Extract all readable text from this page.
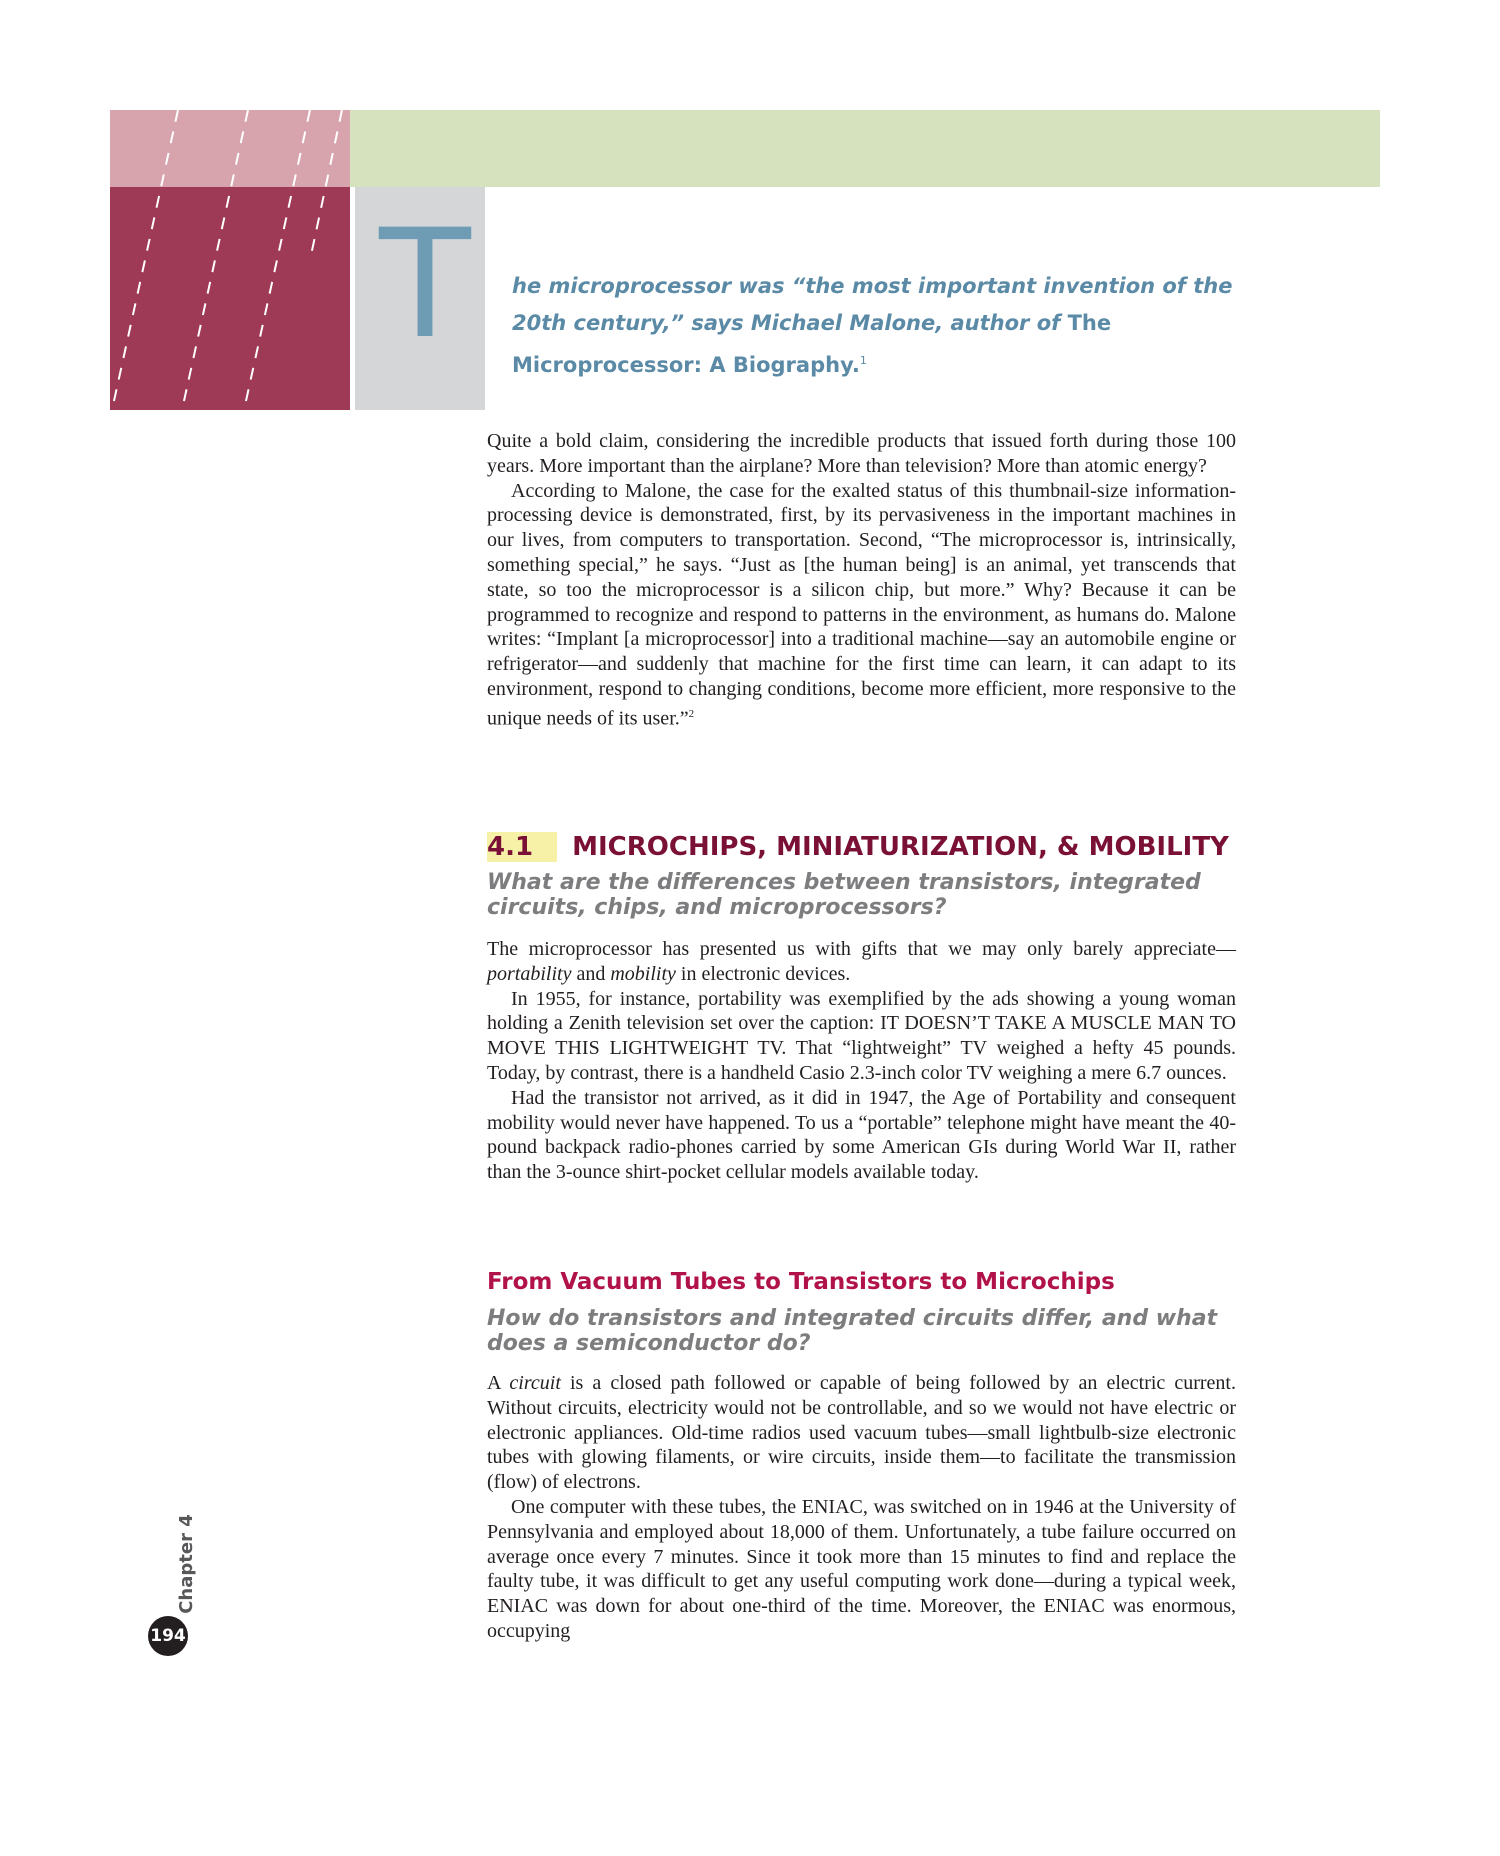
T he microprocessor was “the most important invention of the 20th century,” says Michael Malone, author of The Microprocessor: A Biography.$^1$

Quite a bold claim, considering the incredible products that issued forth during those 100 years. More important than the airplane? More than television? More than atomic energy?

According to Malone, the case for the exalted status of this thumbnail-size information-processing device is demonstrated, first, by its pervasiveness in the important machines in our lives, from computers to transportation. Second, “The microprocessor is, intrinsically, something special,” he says. “Just as [the human being] is an animal, yet transcends that state, so too the microprocessor is a silicon chip, but more.” Why? Because it can be programmed to recognize and respond to patterns in the environment, as humans do. Malone writes: “Implant [a microprocessor] into a traditional machine—say an automobile engine or refrigerator—and suddenly that machine for the first time can learn, it can adapt to its environment, respond to changing conditions, become more efficient, more responsive to the unique needs of its user.”$^2$

4.1 MICROCHIPS, MINIATURIZATION, & MOBILITY
What are the differences between transistors, integrated circuits, chips, and microprocessors?

The microprocessor has presented us with gifts that we may only barely appreciate—portability and mobility in electronic devices.

In 1955, for instance, portability was exemplified by the ads showing a young woman holding a Zenith television set over the caption: IT DOESN’T TAKE A MUSCLE MAN TO MOVE THIS LIGHTWEIGHT TV. That “lightweight” TV weighed a hefty 45 pounds. Today, by contrast, there is a handheld Casio 2.3-inch color TV weighing a mere 6.7 ounces.

Had the transistor not arrived, as it did in 1947, the Age of Portability and consequent mobility would never have happened. To us a “portable” telephone might have meant the 40-pound backpack radio-phones carried by some American GIs during World War II, rather than the 3-ounce shirt-pocket cellular models available today.

From Vacuum Tubes to Transistors to Microchips
How do transistors and integrated circuits differ, and what does a semiconductor do?

A circuit is a closed path followed or capable of being followed by an electric current. Without circuits, electricity would not be controllable, and so we would not have electric or electronic appliances. Old-time radios used vacuum tubes—small lightbulb-size electronic tubes with glowing filaments, or wire circuits, inside them—to facilitate the transmission (flow) of electrons.

One computer with these tubes, the ENIAC, was switched on in 1946 at the University of Pennsylvania and employed about 18,000 of them. Unfortunately, a tube failure occurred on average once every 7 minutes. Since it took more than 15 minutes to find and replace the faulty tube, it was difficult to get any useful computing work done—during a typical week, ENIAC was down for about one-third of the time. Moreover, the ENIAC was enormous, occupying

Chapter 4
194
